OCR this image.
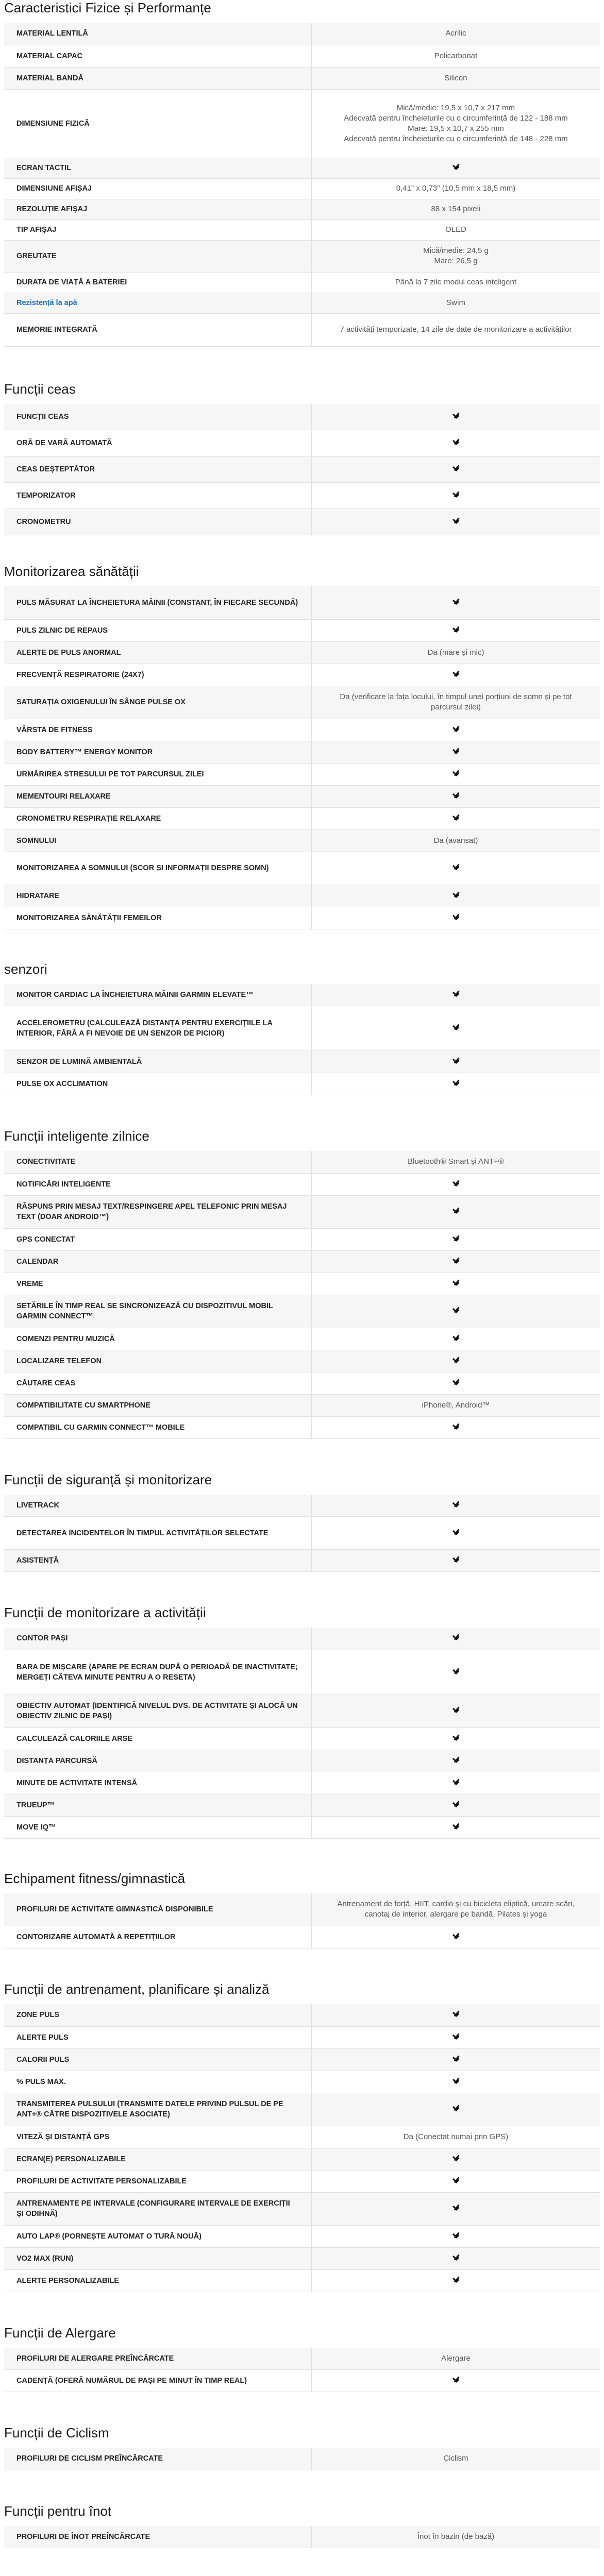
Caracteristici Fizice și Performanțe
MATERIAL LENTILĂ	Acrilic
MATERIAL CAPAC	Policarbonat
MATERIAL BANDĂ	Silicon
DIMENSIUNE FIZICĂ	Mică/medie: 19,5 x 10,7 x 217 mm
Adecvată pentru încheieturile cu o circumferință de 122 - 188 mm
Mare: 19,5 x 10,7 x 255 mm
Adecvată pentru încheieturile cu o circumferință de 148 - 228 mm
ECRAN TACTIL	
DIMENSIUNE AFIȘAJ	0,41" x 0,73" (10,5 mm x 18,5 mm)
REZOLUȚIE AFIȘAJ	88 x 154 pixeli
TIP AFIȘAJ	OLED
GREUTATE	Mică/medie: 24,5 g
Mare: 26,5 g
DURATA DE VIAȚĂ A BATERIEI	Până la 7 zile modul ceas inteligent
Rezistență la apă	Swim
MEMORIE INTEGRATĂ	7 activități temporizate, 14 zile de date de monitorizare a activităților
Funcții ceas
FUNCȚII CEAS	
ORĂ DE VARĂ AUTOMATĂ	
CEAS DEȘTEPTĂTOR	
TEMPORIZATOR	
CRONOMETRU	
Monitorizarea sănătății
PULS MĂSURAT LA ÎNCHEIETURA MÂINII (CONSTANT, ÎN FIECARE SECUNDĂ)	
PULS ZILNIC DE REPAUS	
ALERTE DE PULS ANORMAL	Da (mare și mic)
FRECVENȚĂ RESPIRATORIE (24X7)	
SATURAȚIA OXIGENULUI ÎN SÂNGE PULSE OX	Da (verificare la fața locului, în timpul unei porțiuni de somn și pe tot parcursul zilei)
VÂRSTA DE FITNESS	
BODY BATTERY™ ENERGY MONITOR	
URMĂRIREA STRESULUI PE TOT PARCURSUL ZILEI	
MEMENTOURI RELAXARE	
CRONOMETRU RESPIRAȚIE RELAXARE	
SOMNULUI	Da (avansat)
MONITORIZAREA A SOMNULUI (SCOR ȘI INFORMAȚII DESPRE SOMN)	
HIDRATARE	
MONITORIZAREA SĂNĂTĂȚII FEMEILOR	
senzori
MONITOR CARDIAC LA ÎNCHEIETURA MÂINII GARMIN ELEVATE™	
ACCELEROMETRU (CALCULEAZĂ DISTANȚA PENTRU EXERCIȚIILE LA INTERIOR, FĂRĂ A FI NEVOIE DE UN SENZOR DE PICIOR)	
SENZOR DE LUMINĂ AMBIENTALĂ	
PULSE OX ACCLIMATION	
Funcții inteligente zilnice
CONECTIVITATE	Bluetooth® Smart și ANT+®
NOTIFICĂRI INTELIGENTE	
RĂSPUNS PRIN MESAJ TEXT/RESPINGERE APEL TELEFONIC PRIN MESAJ TEXT (DOAR ANDROID™)	
GPS CONECTAT	
CALENDAR	
VREME	
SETĂRILE ÎN TIMP REAL SE SINCRONIZEAZĂ CU DISPOZITIVUL MOBIL GARMIN CONNECT™	
COMENZI PENTRU MUZICĂ	
LOCALIZARE TELEFON	
CĂUTARE CEAS	
COMPATIBILITATE CU SMARTPHONE	iPhone®, Android™
COMPATIBIL CU GARMIN CONNECT™ MOBILE	
Funcții de siguranță și monitorizare
LIVETRACK	
DETECTAREA INCIDENTELOR ÎN TIMPUL ACTIVITĂȚILOR SELECTATE	
ASISTENȚĂ	
Funcții de monitorizare a activității
CONTOR PAȘI	
BARA DE MIȘCARE (APARE PE ECRAN DUPĂ O PERIOADĂ DE INACTIVITATE; MERGEȚI CÂTEVA MINUTE PENTRU A O RESETA)	
OBIECTIV AUTOMAT (IDENTIFICĂ NIVELUL DVS. DE ACTIVITATE ȘI ALOCĂ UN OBIECTIV ZILNIC DE PAȘI)	
CALCULEAZĂ CALORIILE ARSE	
DISTANȚA PARCURSĂ	
MINUTE DE ACTIVITATE INTENSĂ	
TRUEUP™	
MOVE IQ™	
Echipament fitness/gimnastică
PROFILURI DE ACTIVITATE GIMNASTICĂ DISPONIBILE	Antrenament de forță, HIIT, cardio și cu bicicleta eliptică, urcare scări, canotaj de interior, alergare pe bandă, Pilates și yoga
CONTORIZARE AUTOMATĂ A REPETIȚIILOR	
Funcții de antrenament, planificare și analiză
ZONE PULS	
ALERTE PULS	
CALORII PULS	
% PULS MAX.	
TRANSMITEREA PULSULUI (TRANSMITE DATELE PRIVIND PULSUL DE PE ANT+® CĂTRE DISPOZITIVELE ASOCIATE)	
VITEZĂ ȘI DISTANȚĂ GPS	Da (Conectat numai prin GPS)
ECRAN(E) PERSONALIZABILE	
PROFILURI DE ACTIVITATE PERSONALIZABILE	
ANTRENAMENTE PE INTERVALE (CONFIGURARE INTERVALE DE EXERCIȚII ȘI ODIHNĂ)	
AUTO LAP® (PORNEȘTE AUTOMAT O TURĂ NOUĂ)	
VO2 MAX (RUN)	
ALERTE PERSONALIZABILE	
Funcții de Alergare
PROFILURI DE ALERGARE PREÎNCĂRCATE	Alergare
CADENȚĂ (OFERĂ NUMĂRUL DE PAȘI PE MINUT ÎN TIMP REAL)	
Funcții de Ciclism
PROFILURI DE CICLISM PREÎNCĂRCATE	Ciclism
Funcții pentru înot
PROFILURI DE ÎNOT PREÎNCĂRCATE	Înot în bazin (de bază)
